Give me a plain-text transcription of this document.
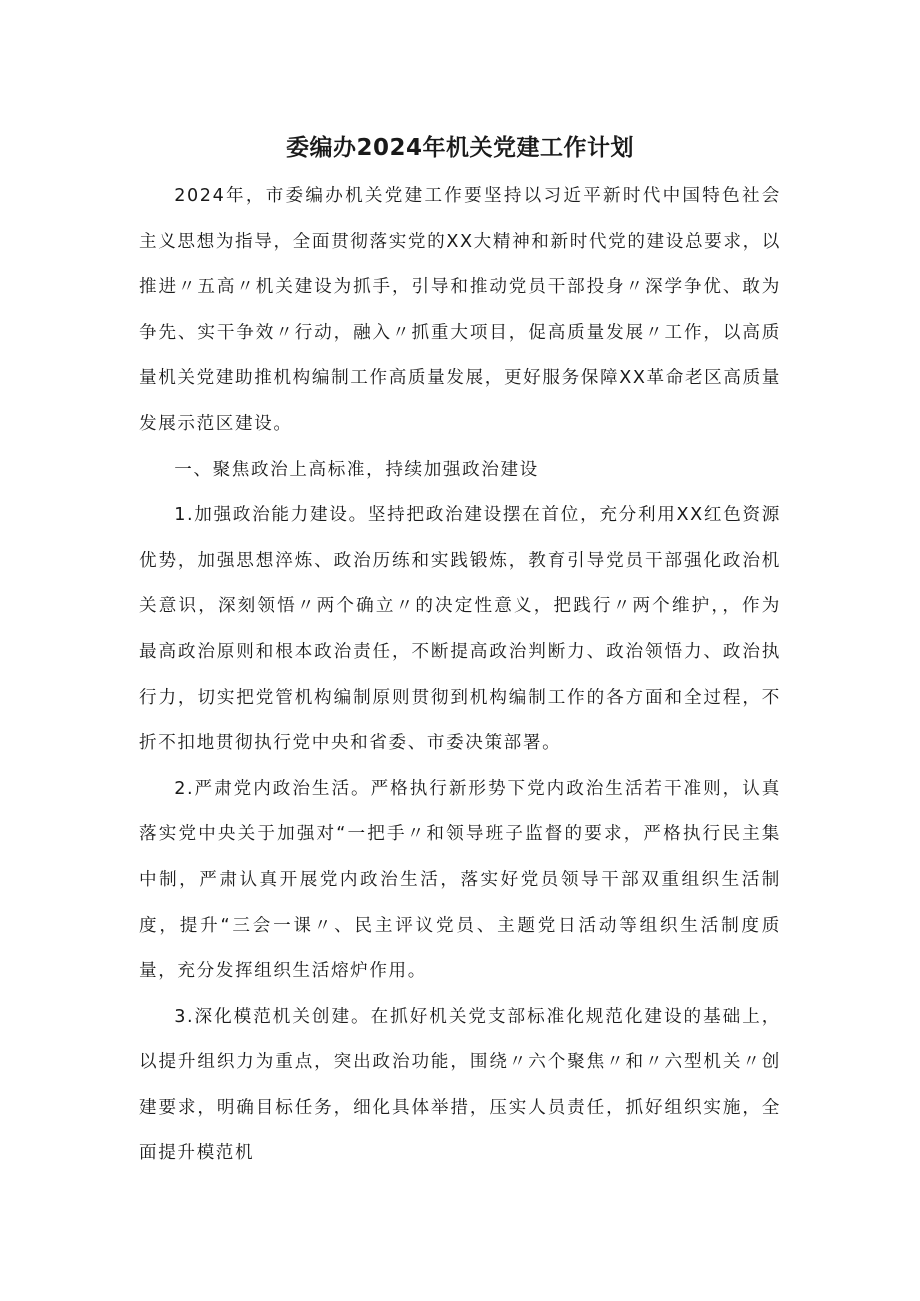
委编办2024年机关党建工作计划

2024年，市委编办机关党建工作要坚持以习近平新时代中国特色社会主义思想为指导，全面贯彻落实党的XX大精神和新时代党的建设总要求，以推进〃五高〃机关建设为抓手，引导和推动党员干部投身〃深学争优、敢为争先、实干争效〃行动，融入〃抓重大项目，促高质量发展〃工作，以高质量机关党建助推机构编制工作高质量发展，更好服务保障XX革命老区高质量发展示范区建设。

一、聚焦政治上高标准，持续加强政治建设

1.加强政治能力建设。坚持把政治建设摆在首位，充分利用XX红色资源优势，加强思想淬炼、政治历练和实践锻炼，教育引导党员干部强化政治机关意识，深刻领悟〃两个确立〃的决定性意义，把践行〃两个维护，，作为最高政治原则和根本政治责任，不断提高政治判断力、政治领悟力、政治执行力，切实把党管机构编制原则贯彻到机构编制工作的各方面和全过程，不折不扣地贯彻执行党中央和省委、市委决策部署。

2.严肃党内政治生活。严格执行新形势下党内政治生活若干准则，认真落实党中央关于加强对“一把手〃和领导班子监督的要求，严格执行民主集中制，严肃认真开展党内政治生活，落实好党员领导干部双重组织生活制度，提升“三会一课〃、民主评议党员、主题党日活动等组织生活制度质量，充分发挥组织生活熔炉作用。

3.深化模范机关创建。在抓好机关党支部标准化规范化建设的基础上，以提升组织力为重点，突出政治功能，围绕〃六个聚焦〃和〃六型机关〃创建要求，明确目标任务，细化具体举措，压实人员责任，抓好组织实施，全面提升模范机
